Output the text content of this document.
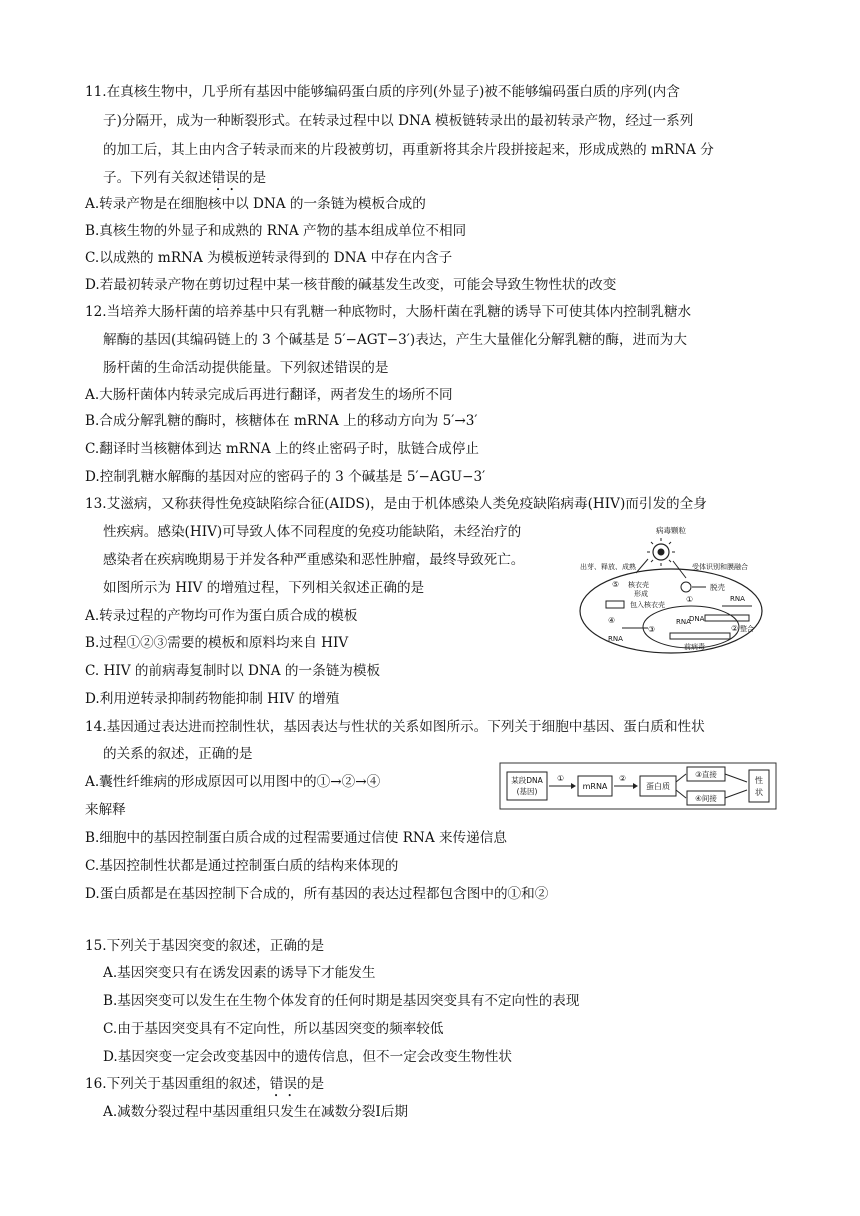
11.在真核生物中，几乎所有基因中能够编码蛋白质的序列(外显子)被不能够编码蛋白质的序列(内含
子)分隔开，成为一种断裂形式。在转录过程中以 DNA 模板链转录出的最初转录产物，经过一系列
的加工后，其上由内含子转录而来的片段被剪切，再重新将其余片段拼接起来，形成成熟的 mRNA 分
子。下列有关叙述错误的是
A.转录产物是在细胞核中以 DNA 的一条链为模板合成的
B.真核生物的外显子和成熟的 RNA 产物的基本组成单位不相同
C.以成熟的 mRNA 为模板逆转录得到的 DNA 中存在内含子
D.若最初转录产物在剪切过程中某一核苷酸的碱基发生改变，可能会导致生物性状的改变
12.当培养大肠杆菌的培养基中只有乳糖一种底物时，大肠杆菌在乳糖的诱导下可使其体内控制乳糖水
解酶的基因(其编码链上的 3 个碱基是 5′−AGT−3′)表达，产生大量催化分解乳糖的酶，进而为大
肠杆菌的生命活动提供能量。下列叙述错误的是
A.大肠杆菌体内转录完成后再进行翻译，两者发生的场所不同
B.合成分解乳糖的酶时，核糖体在 mRNA 上的移动方向为 5′→3′
C.翻译时当核糖体到达 mRNA 上的终止密码子时，肽链合成停止
D.控制乳糖水解酶的基因对应的密码子的 3 个碱基是 5′−AGU−3′
13.艾滋病，又称获得性免疫缺陷综合征(AIDS)，是由于机体感染人类免疫缺陷病毒(HIV)而引发的全身
性疾病。感染(HIV)可导致人体不同程度的免疫功能缺陷，未经治疗的
感染者在疾病晚期易于并发各种严重感染和恶性肿瘤，最终导致死亡。
如图所示为 HIV 的增殖过程，下列相关叙述正确的是
A.转录过程的产物均可作为蛋白质合成的模板
B.过程①②③需要的模板和原料均来自 HIV
C. HIV 的前病毒复制时以 DNA 的一条链为模板
D.利用逆转录抑制药物能抑制 HIV 的增殖
病毒颗粒
出芽、释放、成熟	受体识别和膜融合
脱壳
RNA
DNA
①
核衣壳
形成
⑤
包入核衣壳
④
RNA
③
RNA
② 整合
前病毒
14.基因通过表达进而控制性状，基因表达与性状的关系如图所示。下列关于细胞中基因、蛋白质和性状
的关系的叙述，正确的是
A.囊性纤维病的形成原因可以用图中的①→②→④
来解释
B.细胞中的基因控制蛋白质合成的过程需要通过信使 RNA 来传递信息
C.基因控制性状都是通过控制蛋白质的结构来体现的
D.蛋白质都是在基因控制下合成的，所有基因的表达过程都包含图中的①和②
某段DNA
(基因)
①
mRNA
②
蛋白质
③直接
④间接
性
状
15.下列关于基因突变的叙述，正确的是
A.基因突变只有在诱发因素的诱导下才能发生
B.基因突变可以发生在生物个体发育的任何时期是基因突变具有不定向性的表现
C.由于基因突变具有不定向性，所以基因突变的频率较低
D.基因突变一定会改变基因中的遗传信息，但不一定会改变生物性状
16.下列关于基因重组的叙述，错误的是
A.减数分裂过程中基因重组只发生在减数分裂Ⅰ后期
